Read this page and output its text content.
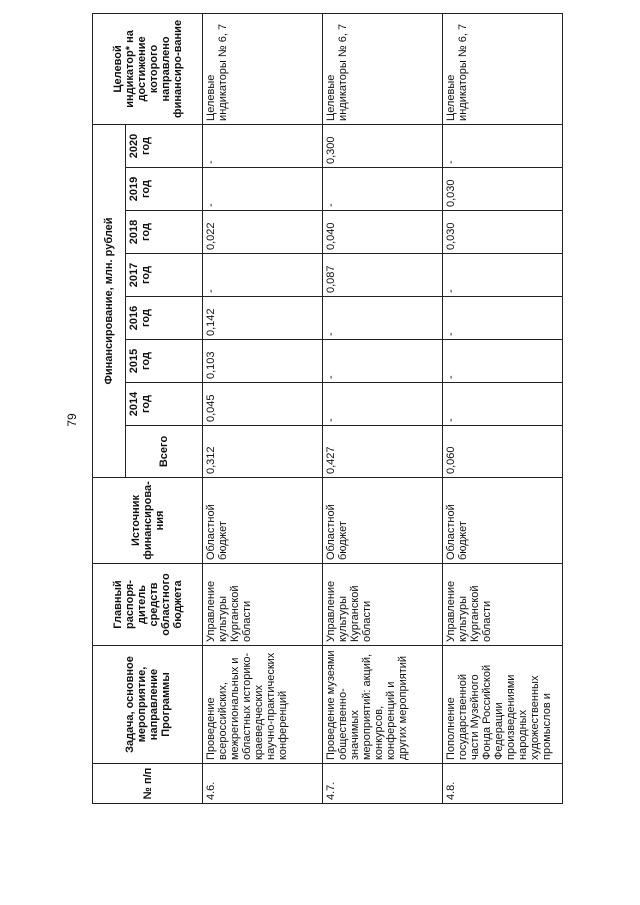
79
№ п/п	Задача, основное мероприятие, направление Программы	Главный распоря-дитель средств областного бюджета	Источник финансирова-ния	Финансирование, млн. рублей								Целевой индикатор* на достижение которого направлено финансиро-вание
				Всего	2014 год	2015 год	2016 год	2017 год	2018 год	2019 год	2020 год	
4.6.	Проведение всероссийских, межрегиональных и областных историко-краеведческих научно-практических конференций	Управление культуры Курганской области	Областной бюджет	0,312	0,045	0,103	0,142	-	0,022	-	-	Целевые индикаторы № 6, 7
4.7.	Проведение музеями общественно-значимых мероприятий: акций, конкурсов, конференций и других мероприятий	Управление культуры Курганской области	Областной бюджет	0,427	-	-	-	0,087	0,040	-	0,300	Целевые индикаторы № 6, 7
4.8.	Пополнение государственной части Музейного Фонда Российской Федерации произведениями народных художественных промыслов и	Управление культуры Курганской области	Областной бюджет	0,060	-	-	-	-	0,030	0,030	-	Целевые индикаторы № 6, 7
